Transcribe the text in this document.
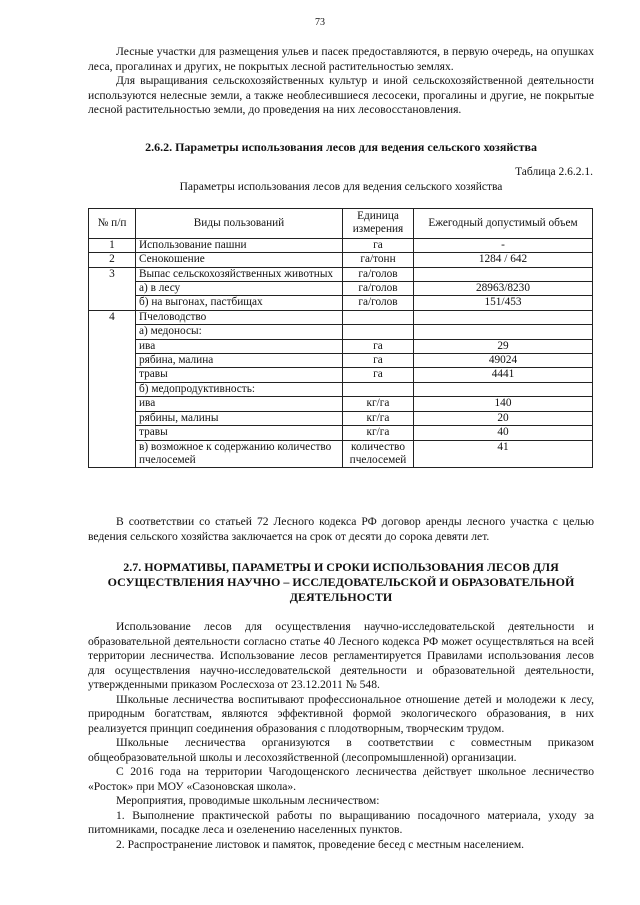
73

Лесные участки для размещения ульев и пасек предоставляются, в первую очередь, на опушках леса, прогалинах и других, не покрытых лесной растительностью землях.

Для выращивания сельскохозяйственных культур и иной сельскохозяйственной деятельности используются нелесные земли, а также необлесившиеся лесосеки, прогалины и другие, не покрытые лесной растительностью земли, до проведения на них лесовосстановления.

2.6.2. Параметры использования лесов для ведения сельского хозяйства
Таблица 2.6.2.1.
Параметры использования лесов для ведения сельского хозяйства
№ п/п	Виды пользований	Единица измерения	Ежегодный допустимый объем
1	Использование пашни	га	-
2	Сенокошение	га/тонн	1284 / 642
3	Выпас сельскохозяйственных животных	га/голов	
	а) в лесу	га/голов	28963/8230
	б) на выгонах, пастбищах	га/голов	151/453
4	Пчеловодство		
	а) медоносы:		
	ива	га	29
	рябина, малина	га	49024
	травы	га	4441
	б) медопродуктивность:		
	ива	кг/га	140
	рябины, малины	кг/га	20
	травы	кг/га	40
	в) возможное к содержанию количество пчелосемей	количество пчелосемей	41

В соответствии со статьей 72 Лесного кодекса РФ договор аренды лесного участка с целью ведения сельского хозяйства заключается на срок от десяти до сорока девяти лет.

2.7. НОРМАТИВЫ, ПАРАМЕТРЫ И СРОКИ ИСПОЛЬЗОВАНИЯ ЛЕСОВ ДЛЯ ОСУЩЕСТВЛЕНИЯ НАУЧНО – ИССЛЕДОВАТЕЛЬСКОЙ И ОБРАЗОВАТЕЛЬНОЙ ДЕЯТЕЛЬНОСТИ

Использование лесов для осуществления научно-исследовательской деятельности и образовательной деятельности согласно статье 40 Лесного кодекса РФ может осуществляться на всей территории лесничества. Использование лесов регламентируется Правилами использования лесов для осуществления научно-исследовательской деятельности и образовательной деятельности, утвержденными приказом Рослесхоза от 23.12.2011 № 548.

Школьные лесничества воспитывают профессиональное отношение детей и молодежи к лесу, природным богатствам, являются эффективной формой экологического образования, в них реализуется принцип соединения образования с плодотворным, творческим трудом.

Школьные лесничества организуются в соответствии с совместным приказом общеобразовательной школы и лесохозяйственной (лесопромышленной) организации.

С 2016 года на территории Чагодощенского лесничества действует школьное лесничество «Росток» при МОУ «Сазоновская школа».

Мероприятия, проводимые школьным лесничеством:

1. Выполнение практической работы по выращиванию посадочного материала, уходу за питомниками, посадке леса и озеленению населенных пунктов.

2. Распространение листовок и памяток, проведение бесед с местным населением.
